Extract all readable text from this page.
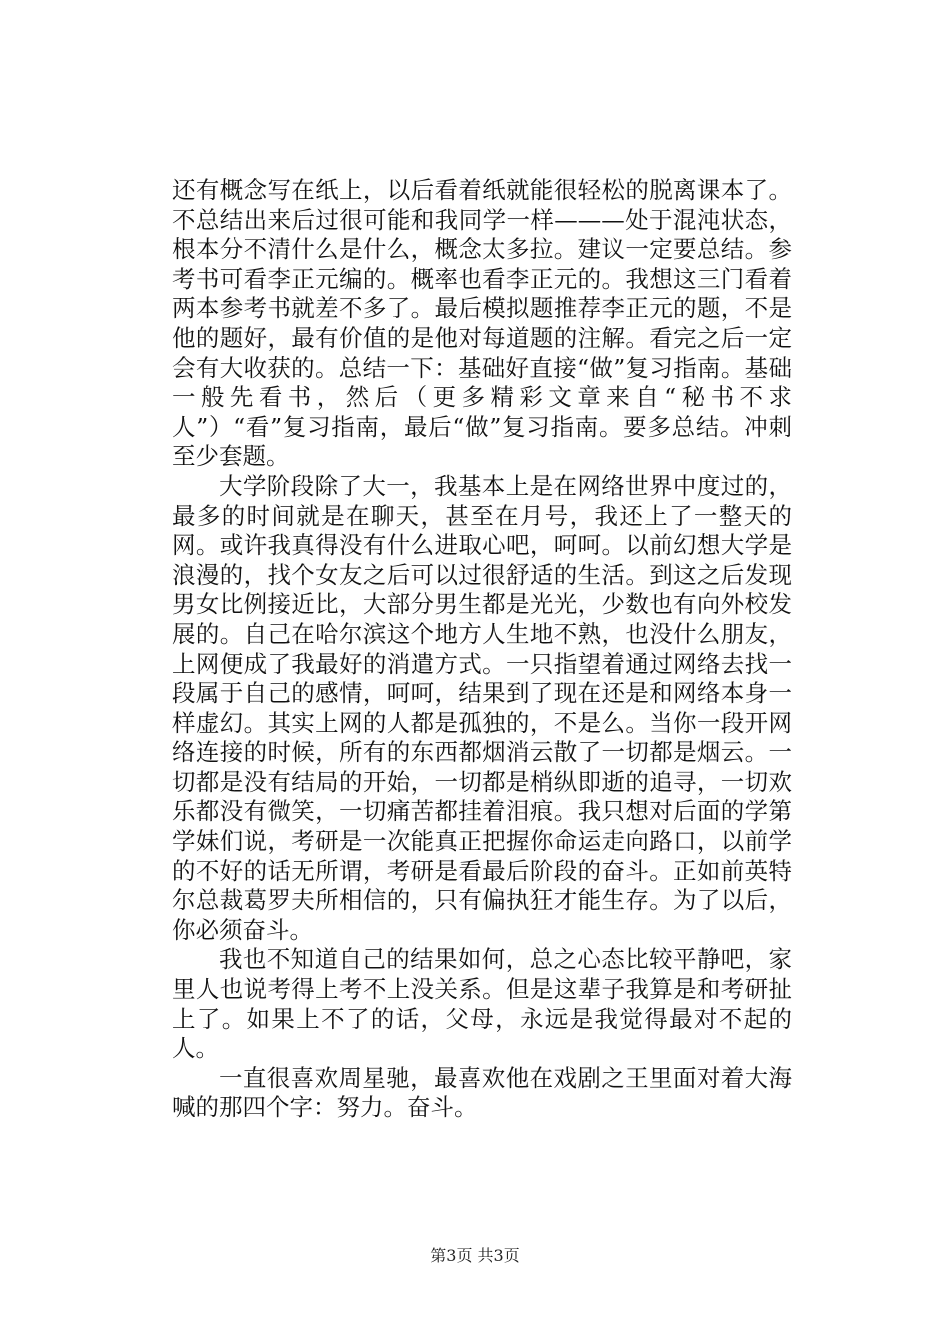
还有概念写在纸上，以后看着纸就能很轻松的脱离课本了。不总结出来后过很可能和我同学一样———处于混沌状态，根本分不清什么是什么，概念太多拉。建议一定要总结。参考书可看李正元编的。概率也看李正元的。我想这三门看着两本参考书就差不多了。最后模拟题推荐李正元的题，不是他的题好，最有价值的是他对每道题的注解。看完之后一定会有大收获的。总结一下：基础好直接“做”复习指南。基础一般先看书，然后（更多精彩文章来自“秘书不求人”）“看”复习指南，最后“做”复习指南。要多总结。冲刺至少套题。

大学阶段除了大一，我基本上是在网络世界中度过的，最多的时间就是在聊天，甚至在月号，我还上了一整天的网。或许我真得没有什么进取心吧，呵呵。以前幻想大学是浪漫的，找个女友之后可以过很舒适的生活。到这之后发现男女比例接近比，大部分男生都是光光，少数也有向外校发展的。自己在哈尔滨这个地方人生地不熟，也没什么朋友，上网便成了我最好的消遣方式。一只指望着通过网络去找一段属于自己的感情，呵呵，结果到了现在还是和网络本身一样虚幻。其实上网的人都是孤独的，不是么。当你一段开网络连接的时候，所有的东西都烟消云散了一切都是烟云。一切都是没有结局的开始，一切都是梢纵即逝的追寻，一切欢乐都没有微笑，一切痛苦都挂着泪痕。我只想对后面的学第学妹们说，考研是一次能真正把握你命运走向路口，以前学的不好的话无所谓，考研是看最后阶段的奋斗。正如前英特尔总裁葛罗夫所相信的，只有偏执狂才能生存。为了以后，你必须奋斗。

我也不知道自己的结果如何，总之心态比较平静吧，家里人也说考得上考不上没关系。但是这辈子我算是和考研扯上了。如果上不了的话，父母，永远是我觉得最对不起的人。

一直很喜欢周星驰，最喜欢他在戏剧之王里面对着大海喊的那四个字：努力。奋斗。

第3页 共3页
